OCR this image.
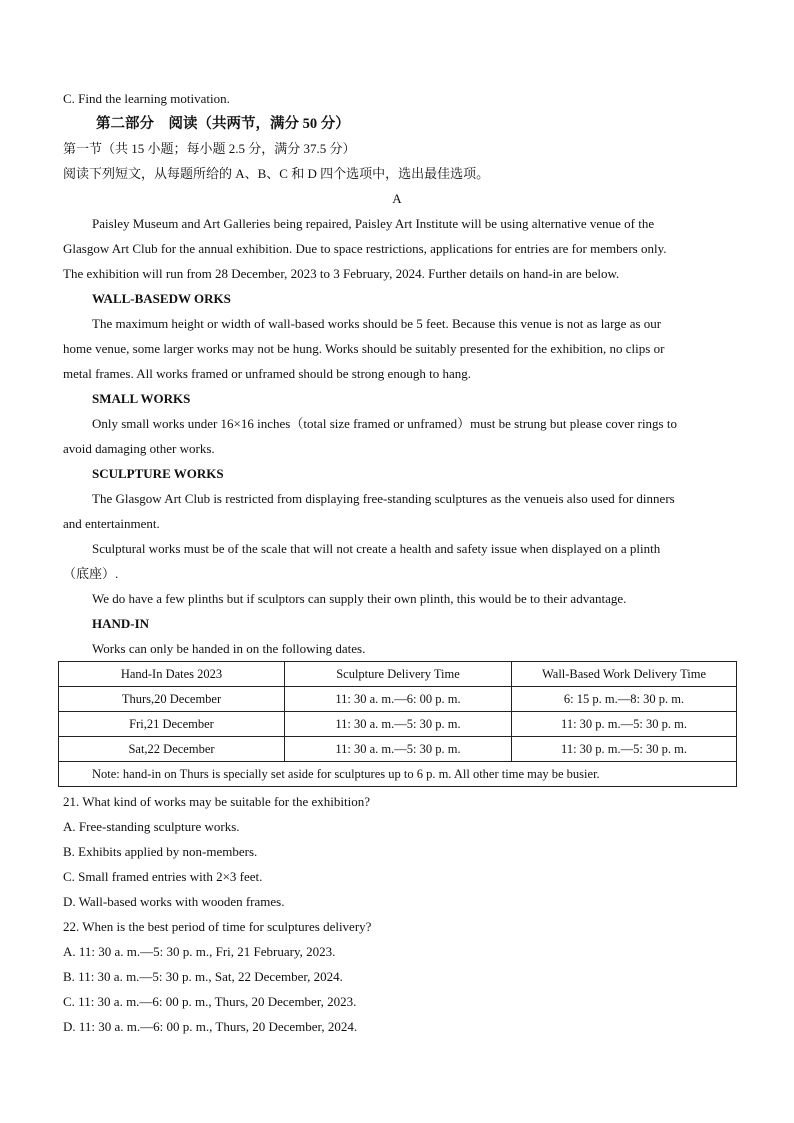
C. Find the learning motivation.
第二部分　阅读（共两节，满分 50 分）
第一节（共 15 小题；每小题 2.5 分，满分 37.5 分）
阅读下列短文，从每题所给的 A、B、C 和 D 四个选项中，选出最佳选项。
A
Paisley Museum and Art Galleries being repaired, Paisley Art Institute will be using alternative venue of the
Glasgow Art Club for the annual exhibition. Due to space restrictions, applications for entries are for members only.
The exhibition will run from 28 December, 2023 to 3 February, 2024. Further details on hand-in are below.
WALL-BASEDW ORKS
The maximum height or width of wall-based works should be 5 feet. Because this venue is not as large as our
home venue, some larger works may not be hung. Works should be suitably presented for the exhibition, no clips or
metal frames. All works framed or unframed should be strong enough to hang.
SMALL WORKS
Only small works under 16×16 inches（total size framed or unframed）must be strung but please cover rings to
avoid damaging other works.
SCULPTURE WORKS
The Glasgow Art Club is restricted from displaying free-standing sculptures as the venueis also used for dinners
and entertainment.
Sculptural works must be of the scale that will not create a health and safety issue when displayed on a plinth
（底座）.
We do have a few plinths but if sculptors can supply their own plinth, this would be to their advantage.
HAND-IN
Works can only be handed in on the following dates.
Hand-In Dates 2023	Sculpture Delivery Time	Wall-Based Work Delivery Time
Thurs,20 December	11: 30 a. m.—6: 00 p. m.	6: 15 p. m.—8: 30 p. m.
Fri,21 December	11: 30 a. m.—5: 30 p. m.	11: 30 p. m.—5: 30 p. m.
Sat,22 December	11: 30 a. m.—5: 30 p. m.	11: 30 p. m.—5: 30 p. m.
Note: hand-in on Thurs is specially set aside for sculptures up to 6 p. m. All other time may be busier.		
21. What kind of works may be suitable for the exhibition?
A. Free-standing sculpture works.
B. Exhibits applied by non-members.
C. Small framed entries with 2×3 feet.
D. Wall-based works with wooden frames.
22. When is the best period of time for sculptures delivery?
A. 11: 30 a. m.—5: 30 p. m., Fri, 21 February, 2023.
B. 11: 30 a. m.—5: 30 p. m., Sat, 22 December, 2024.
C. 11: 30 a. m.—6: 00 p. m., Thurs, 20 December, 2023.
D. 11: 30 a. m.—6: 00 p. m., Thurs, 20 December, 2024.
